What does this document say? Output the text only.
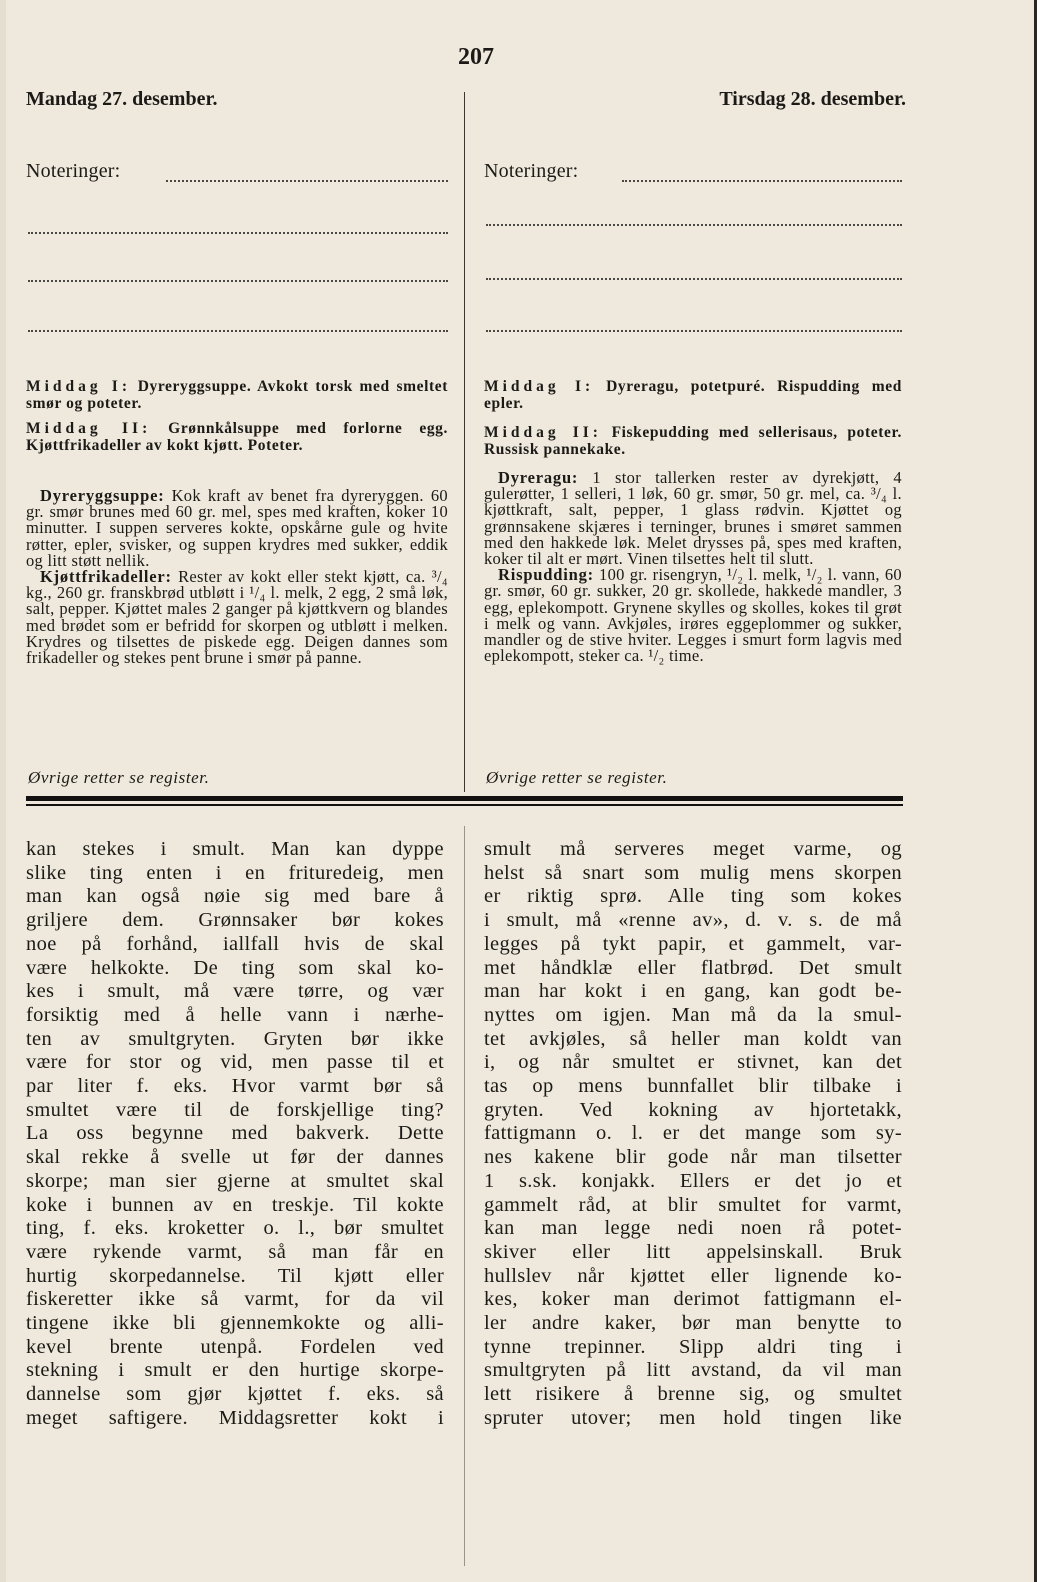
207
Mandag 27. desember.	Tirsdag 28. desember.
Noteringer:	Noteringer:
Middag I: Dyreryggsuppe. Avkokt torsk med smeltet smør og poteter.
Middag II: Grønnkålsuppe med forlorne egg. Kjøttfrikadeller av kokt kjøtt. Poteter.

Dyreryggsuppe: Kok kraft av benet fra dyreryggen. 60 gr. smør brunes med 60 gr. mel, spes med kraften, koker 10 minutter. I suppen serveres kokte, opskårne gule og hvite røtter, epler, svisker, og suppen krydres med sukker, eddik og litt støtt nellik.

Kjøttfrikadeller: Rester av kokt eller stekt kjøtt, ca. ³/₄ kg., 260 gr. franskbrød utbløtt i ¹/₄ l. melk, 2 egg, 2 små løk, salt, pepper. Kjøttet males 2 ganger på kjøttkvern og blandes med brødet som er befridd for skorpen og utbløtt i melken. Krydres og tilsettes de piskede egg. Deigen dannes som frikadeller og stekes pent brune i smør på panne.

Øvrige retter se register.
Middag I: Dyreragu, potetpuré. Rispudding med epler.
Middag II: Fiskepudding med sellerisaus, poteter. Russisk pannekake.

Dyreragu: 1 stor tallerken rester av dyrekjøtt, 4 gulerøtter, 1 selleri, 1 løk, 60 gr. smør, 50 gr. mel, ca. ³/₄ l. kjøttkraft, salt, pepper, 1 glass rødvin. Kjøttet og grønnsakene skjæres i terninger, brunes i smøret sammen med den hakkede løk. Melet drysses på, spes med kraften, koker til alt er mørt. Vinen tilsettes helt til slutt.

Rispudding: 100 gr. risengryn, ¹/₂ l. melk, ¹/₂ l. vann, 60 gr. smør, 60 gr. sukker, 20 gr. skollede, hakkede mandler, 3 egg, eplekompott. Grynene skylles og skolles, kokes til grøt i melk og vann. Avkjøles, irøres eggeplommer og sukker, mandler og de stive hviter. Legges i smurt form lagvis med eplekompott, steker ca. ¹/₂ time.

Øvrige retter se register.
kan stekes i smult. Man kan dyppe
slike ting enten i en frituredeig, men
man kan også nøie sig med bare å
griljere dem. Grønnsaker bør kokes
noe på forhånd, iallfall hvis de skal
være helkokte. De ting som skal ko-
kes i smult, må være tørre, og vær
forsiktig med å helle vann i nærhe-
ten av smultgryten. Gryten bør ikke
være for stor og vid, men passe til et
par liter f. eks. Hvor varmt bør så
smultet være til de forskjellige ting?
La oss begynne med bakverk. Dette
skal rekke å svelle ut før der dannes
skorpe; man sier gjerne at smultet skal
koke i bunnen av en treskje. Til kokte
ting, f. eks. kroketter o. l., bør smultet
være rykende varmt, så man får en
hurtig skorpedannelse. Til kjøtt eller
fiskeretter ikke så varmt, for da vil
tingene ikke bli gjennemkokte og alli-
kevel brente utenpå. Fordelen ved
stekning i smult er den hurtige skorpe-
dannelse som gjør kjøttet f. eks. så
meget saftigere. Middagsretter kokt i
smult må serveres meget varme, og
helst så snart som mulig mens skorpen
er riktig sprø. Alle ting som kokes
i smult, må «renne av», d. v. s. de må
legges på tykt papir, et gammelt, var-
met håndklæ eller flatbrød. Det smult
man har kokt i en gang, kan godt be-
nyttes om igjen. Man må da la smul-
tet avkjøles, så heller man koldt van
i, og når smultet er stivnet, kan det
tas op mens bunnfallet blir tilbake i
gryten. Ved kokning av hjortetakk,
fattigmann o. l. er det mange som sy-
nes kakene blir gode når man tilsetter
1 s.sk. konjakk. Ellers er det jo et
gammelt råd, at blir smultet for varmt,
kan man legge nedi noen rå potet-
skiver eller litt appelsinskall. Bruk
hullslev når kjøttet eller lignende ko-
kes, koker man derimot fattigmann el-
ler andre kaker, bør man benytte to
tynne trepinner. Slipp aldri ting i
smultgryten på litt avstand, da vil man
lett risikere å brenne sig, og smultet
spruter utover; men hold tingen like
